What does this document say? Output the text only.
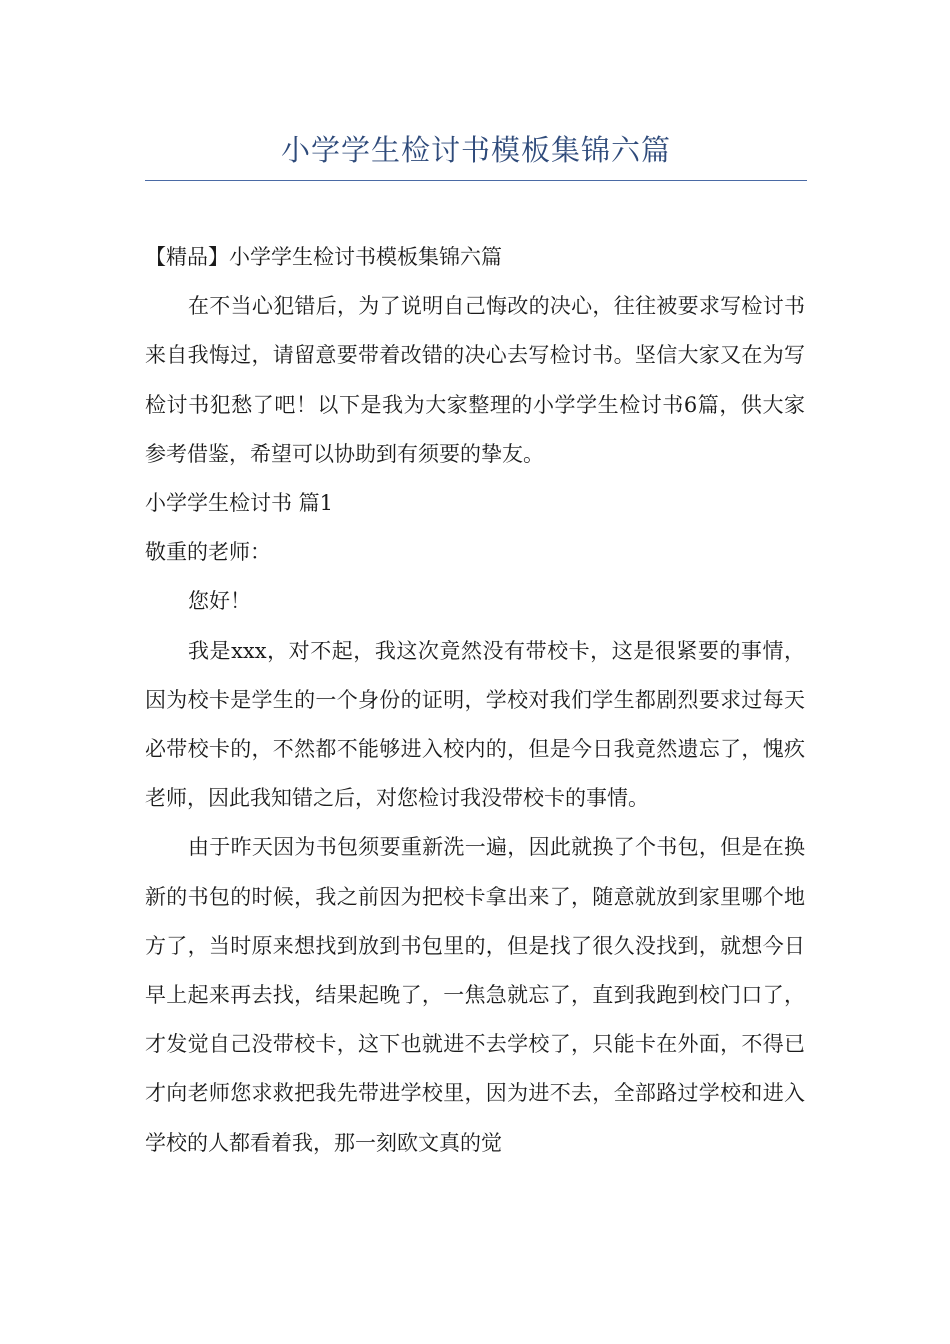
小学学生检讨书模板集锦六篇

【精品】小学学生检讨书模板集锦六篇

在不当心犯错后，为了说明自己悔改的决心，往往被要求写检讨书来自我悔过，请留意要带着改错的决心去写检讨书。坚信大家又在为写检讨书犯愁了吧！以下是我为大家整理的小学学生检讨书6篇，供大家参考借鉴，希望可以协助到有须要的挚友。

小学学生检讨书 篇1

敬重的老师：

您好！

我是xxx，对不起，我这次竟然没有带校卡，这是很紧要的事情，因为校卡是学生的一个身份的证明，学校对我们学生都剧烈要求过每天必带校卡的，不然都不能够进入校内的，但是今日我竟然遗忘了，愧疚老师，因此我知错之后，对您检讨我没带校卡的事情。

由于昨天因为书包须要重新洗一遍，因此就换了个书包，但是在换新的书包的时候，我之前因为把校卡拿出来了，随意就放到家里哪个地方了，当时原来想找到放到书包里的，但是找了很久没找到，就想今日早上起来再去找，结果起晚了，一焦急就忘了，直到我跑到校门口了，才发觉自己没带校卡，这下也就进不去学校了，只能卡在外面，不得已才向老师您求救把我先带进学校里，因为进不去，全部路过学校和进入学校的人都看着我，那一刻欧文真的觉
